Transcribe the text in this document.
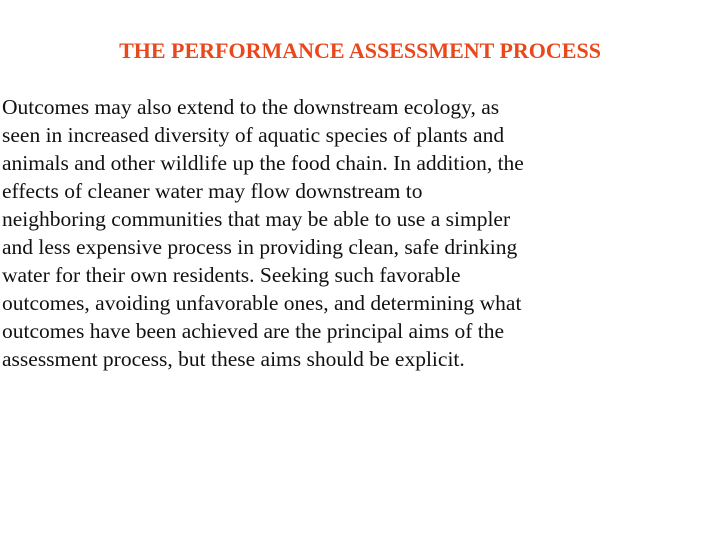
THE PERFORMANCE ASSESSMENT PROCESS
Outcomes may also extend to the downstream ecology, as
seen in increased diversity of aquatic species of plants and
animals and other wildlife up the food chain. In addition, the
effects of cleaner water may flow downstream to
neighboring communities that may be able to use a simpler
and less expensive process in providing clean, safe drinking
water for their own residents. Seeking such favorable
outcomes, avoiding unfavorable ones, and determining what
outcomes have been achieved are the principal aims of the
assessment process, but these aims should be explicit.
